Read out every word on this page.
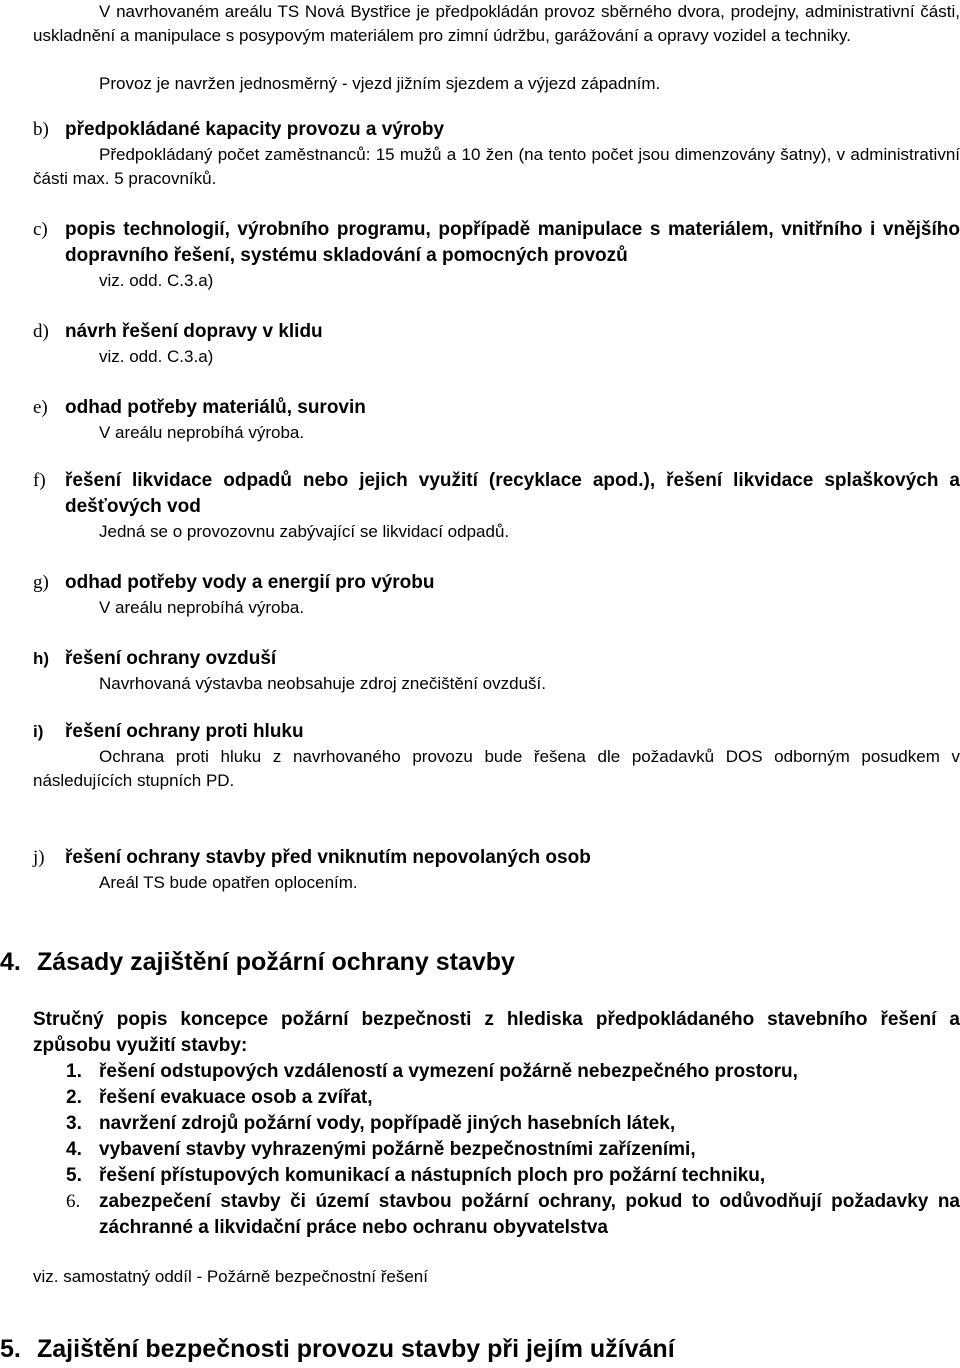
V navrhovaném areálu TS Nová Bystřice je předpokládán provoz sběrného dvora, prodejny, administrativní části, uskladnění a manipulace s posypovým materiálem pro zimní údržbu, garážování a opravy vozidel a techniky.

Provoz je navržen jednosměrný - vjezd jižním sjezdem a výjezd západním.
b) předpokládané kapacity provozu a výroby
Předpokládaný počet zaměstnanců: 15 mužů a 10 žen (na tento počet jsou dimenzovány šatny), v administrativní části max. 5 pracovníků.
c) popis technologií, výrobního programu, popřípadě manipulace s materiálem, vnitřního i vnějšího dopravního řešení, systému skladování a pomocných provozů
viz. odd. C.3.a)
d) návrh řešení dopravy v klidu
viz. odd. C.3.a)
e) odhad potřeby materiálů, surovin
V areálu neprobíhá výroba.
f) řešení likvidace odpadů nebo jejich využití (recyklace apod.), řešení likvidace splaškových a dešťových vod
Jedná se o provozovnu zabývající se likvidací odpadů.
g) odhad potřeby vody a energií pro výrobu
V areálu neprobíhá výroba.
h) řešení ochrany ovzduší
Navrhovaná výstavba neobsahuje zdroj znečištění ovzduší.
i) řešení ochrany proti hluku
Ochrana proti hluku z navrhovaného provozu bude řešena dle požadavků DOS odborným posudkem v následujících stupních PD.
j) řešení ochrany stavby před vniknutím nepovolaných osob
Areál TS bude opatřen oplocením.
4. Zásady zajištění požární ochrany stavby
Stručný popis koncepce požární bezpečnosti z hlediska předpokládaného stavebního řešení a způsobu využití stavby:
1. řešení odstupových vzdáleností a vymezení požárně nebezpečného prostoru,
2. řešení evakuace osob a zvířat,
3. navržení zdrojů požární vody, popřípadě jiných hasebních látek,
4. vybavení stavby vyhrazenými požárně bezpečnostními zařízeními,
5. řešení přístupových komunikací a nástupních ploch pro požární techniku,
6. zabezpečení stavby či území stavbou požární ochrany, pokud to odůvodňují požadavky na záchranné a likvidační práce nebo ochranu obyvatelstva
viz. samostatný oddíl - Požárně bezpečnostní řešení
5. Zajištění bezpečnosti provozu stavby při jejím užívání
